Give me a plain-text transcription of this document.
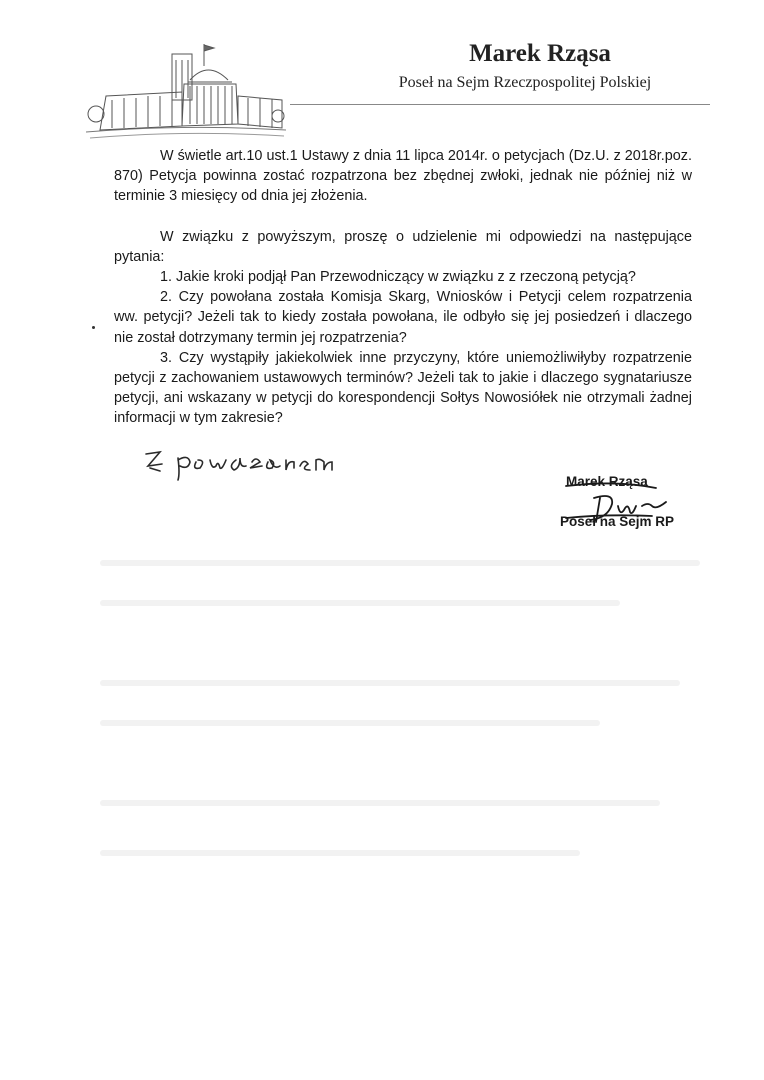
Marek Rząsa
Poseł na Sejm Rzeczpospolitej Polskiej

W świetle art.10 ust.1 Ustawy z dnia 11 lipca 2014r. o petycjach (Dz.U. z 2018r.poz. 870) Petycja powinna zostać rozpatrzona bez zbędnej zwłoki, jednak nie później niż w terminie 3 miesięcy od dnia jej złożenia.

W związku z powyższym, proszę o udzielenie mi odpowiedzi na następujące pytania:

1. Jakie kroki podjął Pan Przewodniczący w związku z z rzeczoną petycją?

2. Czy powołana została Komisja Skarg, Wniosków i Petycji celem rozpatrzenia ww. petycji? Jeżeli tak to kiedy została powołana, ile odbyło się jej posiedzeń i dlaczego nie został dotrzymany termin jej rozpatrzenia?

3. Czy wystąpiły jakiekolwiek inne przyczyny, które uniemożliwiłyby rozpatrzenie petycji z zachowaniem ustawowych terminów? Jeżeli tak to jakie i dlaczego sygnatariusze petycji, ani wskazany w petycji do korespondencji Sołtys Nowosiółek nie otrzymali żadnej informacji w tym zakresie?

Marek Rząsa
Poseł na Sejm RP
